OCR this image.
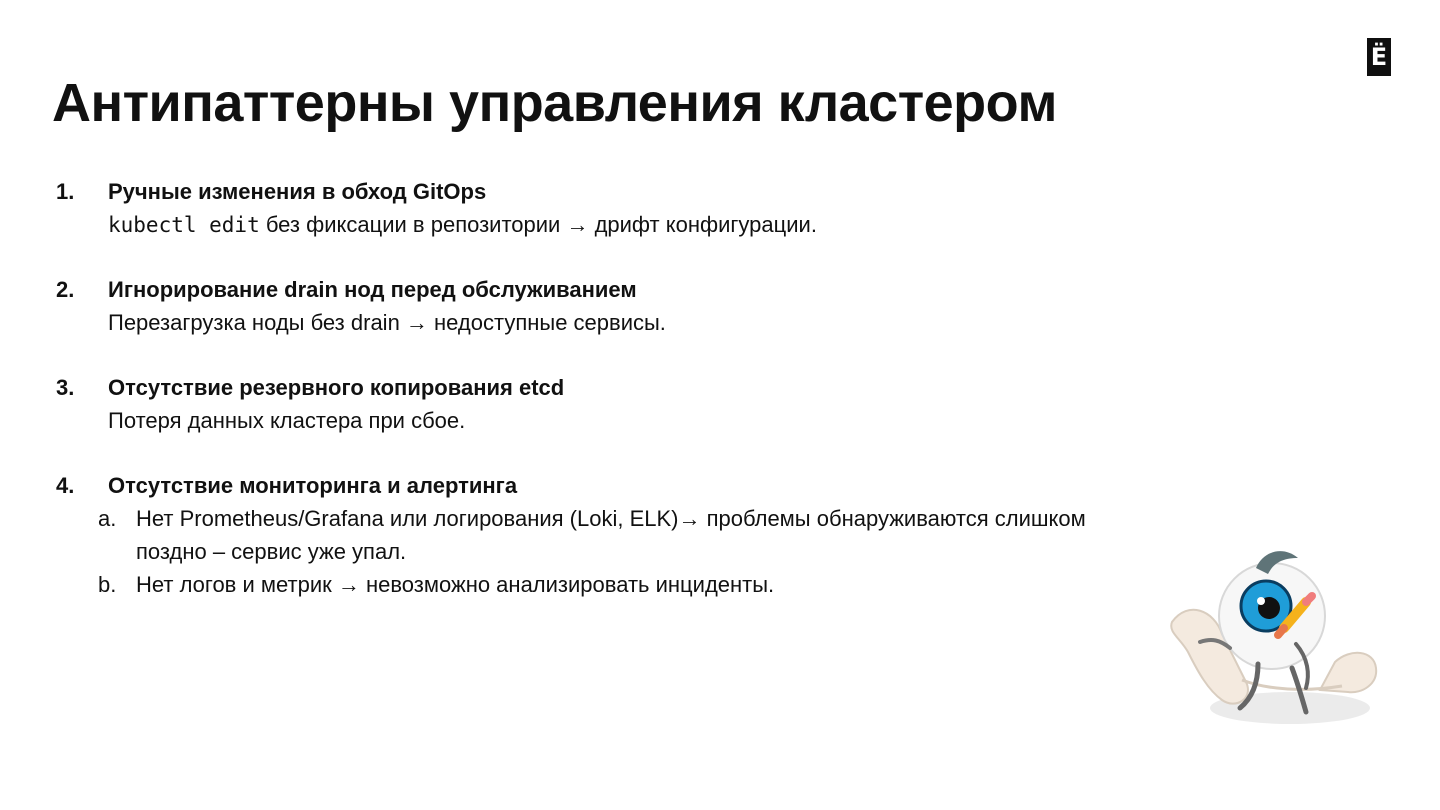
Ё
Антипаттерны управления кластером
1. Ручные изменения в обход GitOps
kubectl edit без фиксации в репозитории → дрифт конфигурации.
2. Игнорирование drain нод перед обслуживанием
Перезагрузка ноды без drain → недоступные сервисы.
3. Отсутствие резервного копирования etcd
Потеря данных кластера при сбое.
4. Отсутствие мониторинга и алертинга
a. Нет Prometheus/Grafana или логирования (Loki, ELK)→ проблемы обнаруживаются слишком поздно – сервис уже упал.
b. Нет логов и метрик → невозможно анализировать инциденты.
